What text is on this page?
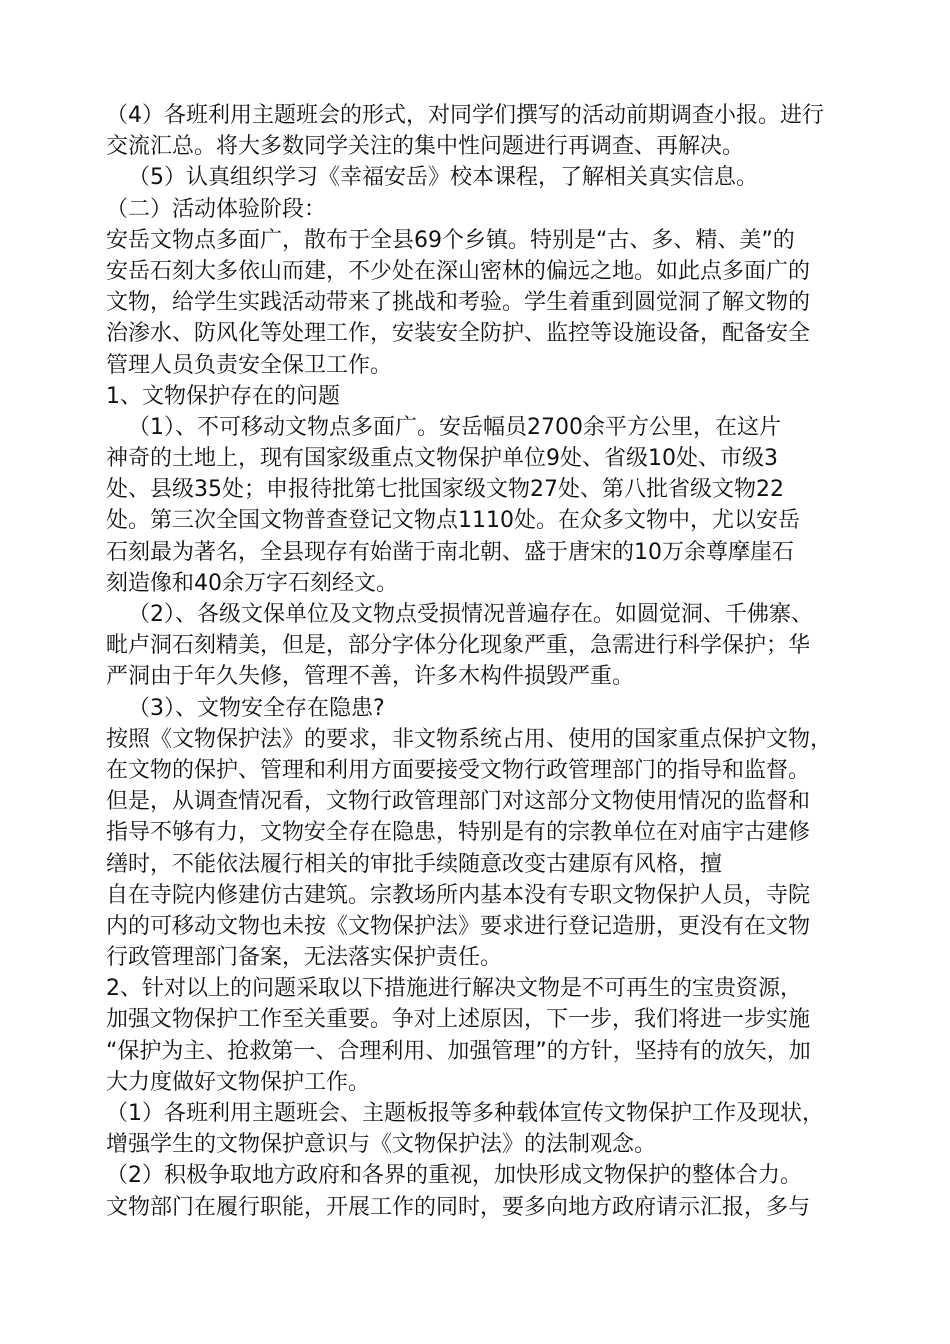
（4）各班利用主题班会的形式，对同学们撰写的活动前期调查小报。进行
交流汇总。将大多数同学关注的集中性问题进行再调查、再解决。
（5）认真组织学习《幸福安岳》校本课程，了解相关真实信息。
（二）活动体验阶段：
安岳文物点多面广，散布于全县69个乡镇。特别是“古、多、精、美”的
安岳石刻大多依山而建，不少处在深山密林的偏远之地。如此点多面广的
文物，给学生实践活动带来了挑战和考验。学生着重到圆觉洞了解文物的
治渗水、防风化等处理工作，安装安全防护、监控等设施设备，配备安全
管理人员负责安全保卫工作。
1、文物保护存在的问题
（1）、不可移动文物点多面广。安岳幅员2700余平方公里，在这片
神奇的土地上，现有国家级重点文物保护单位9处、省级10处、市级3
处、县级35处；申报待批第七批国家级文物27处、第八批省级文物22
处。第三次全国文物普查登记文物点1110处。在众多文物中，尤以安岳
石刻最为著名，全县现存有始凿于南北朝、盛于唐宋的10万余尊摩崖石
刻造像和40余万字石刻经文。
（2）、各级文保单位及文物点受损情况普遍存在。如圆觉洞、千佛寨、
毗卢洞石刻精美，但是，部分字体分化现象严重，急需进行科学保护；华
严洞由于年久失修，管理不善，许多木构件损毁严重。
（3）、文物安全存在隐患?
按照《文物保护法》的要求，非文物系统占用、使用的国家重点保护文物，
在文物的保护、管理和利用方面要接受文物行政管理部门的指导和监督。
但是，从调查情况看，文物行政管理部门对这部分文物使用情况的监督和
指导不够有力，文物安全存在隐患，特别是有的宗教单位在对庙宇古建修
缮时，不能依法履行相关的审批手续随意改变古建原有风格，擅
自在寺院内修建仿古建筑。宗教场所内基本没有专职文物保护人员，寺院
内的可移动文物也未按《文物保护法》要求进行登记造册，更没有在文物
行政管理部门备案，无法落实保护责任。
2、针对以上的问题采取以下措施进行解决文物是不可再生的宝贵资源，
加强文物保护工作至关重要。争对上述原因，下一步，我们将进一步实施
“保护为主、抢救第一、合理利用、加强管理”的方针，坚持有的放矢，加
大力度做好文物保护工作。
（1）各班利用主题班会、主题板报等多种载体宣传文物保护工作及现状，
增强学生的文物保护意识与《文物保护法》的法制观念。
（2）积极争取地方政府和各界的重视，加快形成文物保护的整体合力。
文物部门在履行职能，开展工作的同时，要多向地方政府请示汇报，多与
